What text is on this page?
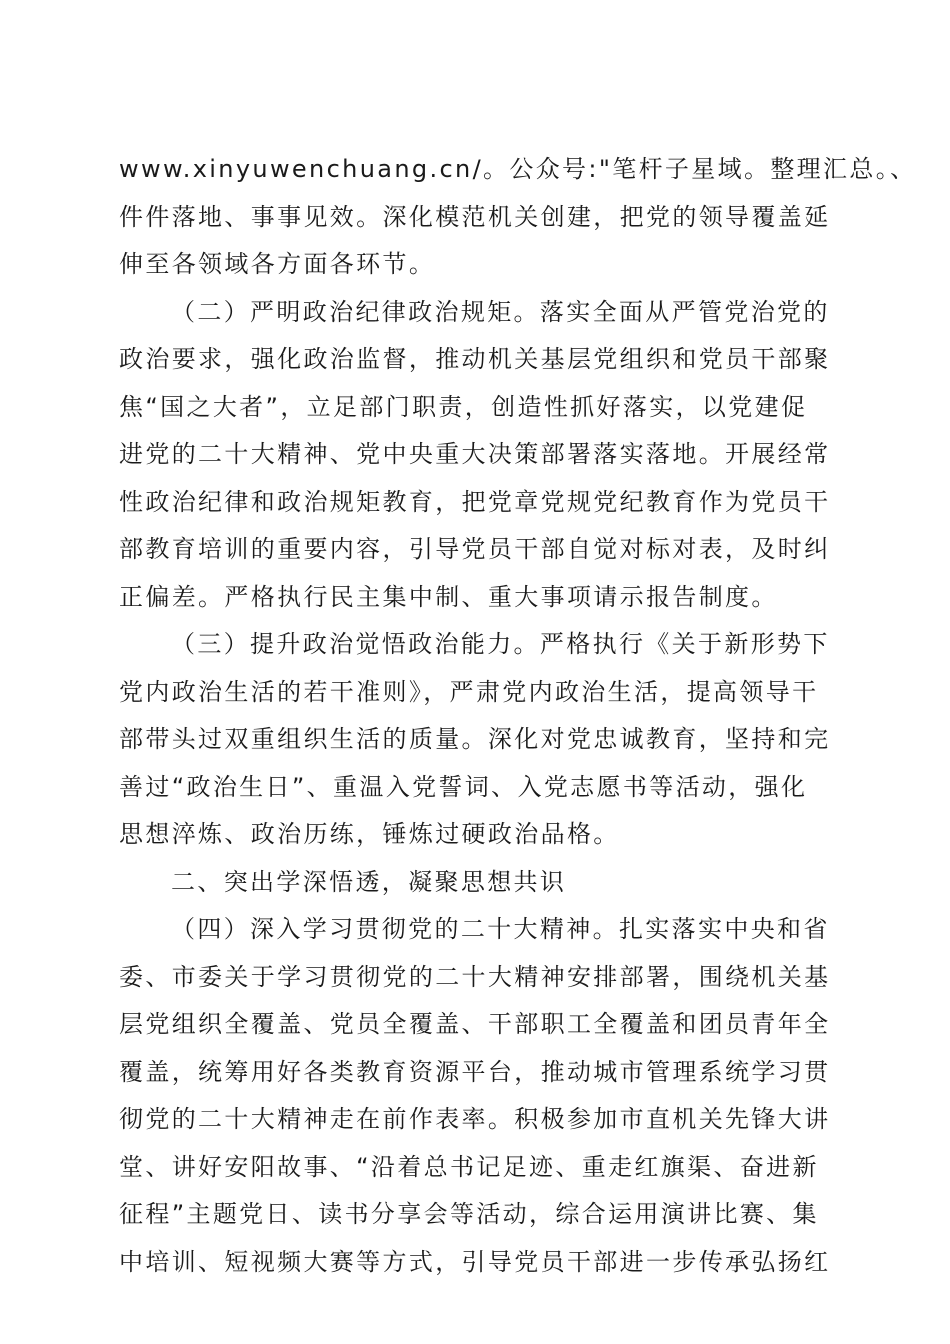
www.xinyuwenchuang.cn/。公众号:"笔杆子星域。整理汇总。、
件件落地、事事见效。深化模范机关创建，把党的领导覆盖延
伸至各领域各方面各环节。
（二）严明政治纪律政治规矩。落实全面从严管党治党的
政治要求，强化政治监督，推动机关基层党组织和党员干部聚
焦“国之大者”，立足部门职责，创造性抓好落实，以党建促
进党的二十大精神、党中央重大决策部署落实落地。开展经常
性政治纪律和政治规矩教育，把党章党规党纪教育作为党员干
部教育培训的重要内容，引导党员干部自觉对标对表，及时纠
正偏差。严格执行民主集中制、重大事项请示报告制度。
（三）提升政治觉悟政治能力。严格执行《关于新形势下
党内政治生活的若干准则》，严肃党内政治生活，提高领导干
部带头过双重组织生活的质量。深化对党忠诚教育，坚持和完
善过“政治生日”、重温入党誓词、入党志愿书等活动，强化
思想淬炼、政治历练，锤炼过硬政治品格。
二、突出学深悟透，凝聚思想共识
（四）深入学习贯彻党的二十大精神。扎实落实中央和省
委、市委关于学习贯彻党的二十大精神安排部署，围绕机关基
层党组织全覆盖、党员全覆盖、干部职工全覆盖和团员青年全
覆盖，统筹用好各类教育资源平台，推动城市管理系统学习贯
彻党的二十大精神走在前作表率。积极参加市直机关先锋大讲
堂、讲好安阳故事、“沿着总书记足迹、重走红旗渠、奋进新
征程”主题党日、读书分享会等活动，综合运用演讲比赛、集
中培训、短视频大赛等方式，引导党员干部进一步传承弘扬红
